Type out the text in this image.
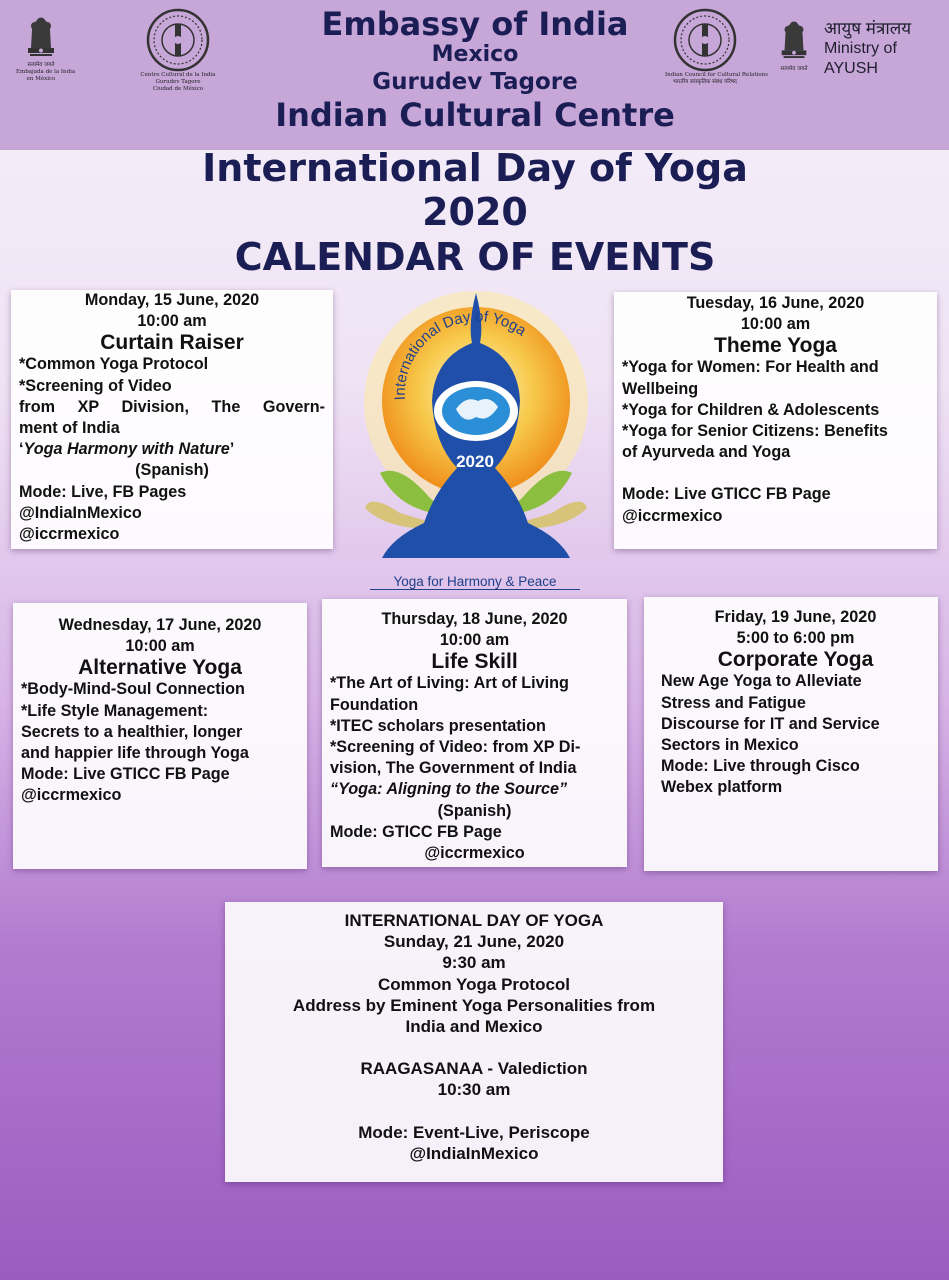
सत्यमेव जयते
Embajada de la India
en México
Centro Cultural de la India
Gurudev Tagore
Ciudad de México
Embassy of India
Mexico
Gurudev Tagore
Indian Cultural Centre
Indian Council for Cultural Relations
भारतीय सांस्कृतिक संबंध परिषद
सत्यमेव जयते
आयुष मंत्रालय
Ministry of
AYUSH
International Day of Yoga
2020
CALENDAR OF EVENTS
International Day of Yoga
2020
Yoga for Harmony & Peace
Monday, 15 June, 2020
10:00 am
Curtain Raiser
*Common Yoga Protocol
*Screening of Video
from XP Division, The Govern-
ment of India
‘Yoga Harmony with Nature’
(Spanish)
Mode: Live, FB Pages
@IndiaInMexico
@iccrmexico
Tuesday, 16 June, 2020
10:00 am
Theme Yoga
*Yoga for Women: For Health and
Wellbeing
*Yoga for Children & Adolescents
*Yoga for Senior Citizens: Benefits
of Ayurveda and Yoga
Mode: Live GTICC FB Page
@iccrmexico
Wednesday, 17 June, 2020
10:00 am
Alternative Yoga
*Body-Mind-Soul Connection
*Life Style Management:
Secrets to a healthier, longer
and happier life through Yoga
Mode: Live GTICC FB Page
@iccrmexico
Thursday, 18 June, 2020
10:00 am
Life Skill
*The Art of Living: Art of Living
Foundation
*ITEC scholars presentation
*Screening of Video: from XP Di-
vision, The Government of India
“Yoga: Aligning to the Source”
(Spanish)
Mode: GTICC FB Page
@iccrmexico
Friday, 19 June, 2020
5:00 to 6:00 pm
Corporate Yoga
New Age Yoga to Alleviate
Stress and Fatigue
Discourse for IT and Service
Sectors in Mexico
Mode: Live through Cisco
Webex platform
INTERNATIONAL DAY OF YOGA
Sunday, 21 June, 2020
9:30 am
Common Yoga Protocol
Address by Eminent Yoga Personalities from
India and Mexico
RAAGASANAA - Valediction
10:30 am
Mode: Event-Live, Periscope
@IndiaInMexico
